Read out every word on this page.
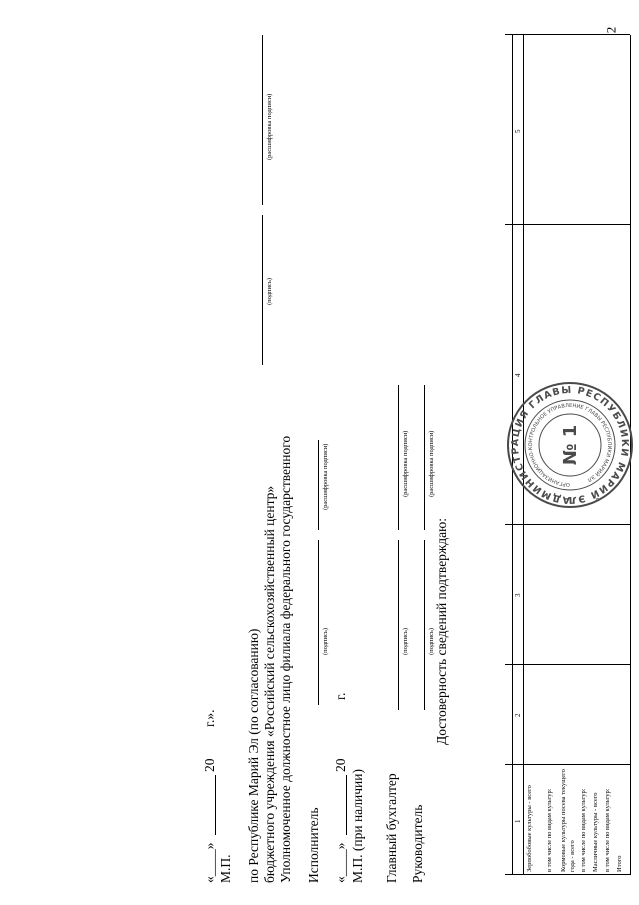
2
1
2
3
4
5
Зерпобобовые культуры - всего в том числе по видам культур: Кормовые культуры посева текущего года - всего в том числе по видам культур: Масличные культуры - всего в том числе по видам культур: Итого
Достоверность сведений подтверждаю:
Руководитель
(подпись)
(расшифровка подписи)
Главный бухгалтер
(подпись)
(расшифровка подписи)
М.П. (при наличии)
«____»
20
г.
Исполнитель
(подпись)
(расшифровка подписи)
Уполномоченное должностное лицо филиала федерального государственного
бюджетного учреждения «Российский сельскохозяйственный центр»
по Республике Марий Эл (по согласованию)
(подпись)
(расшифровка подписи)
М.П.
«____»
20
г.».
АДМИНИСТРАЦИЯ ГЛАВЫ РЕСПУБЛИКИ МАРИЙ ЭЛ
ОРГАНИЗАЦИОННО-КОНТРОЛЬНОЕ УПРАВЛЕНИЕ ГЛАВЫ РЕСПУБЛИКИ МАРИЙ ЭЛ
№ 1
